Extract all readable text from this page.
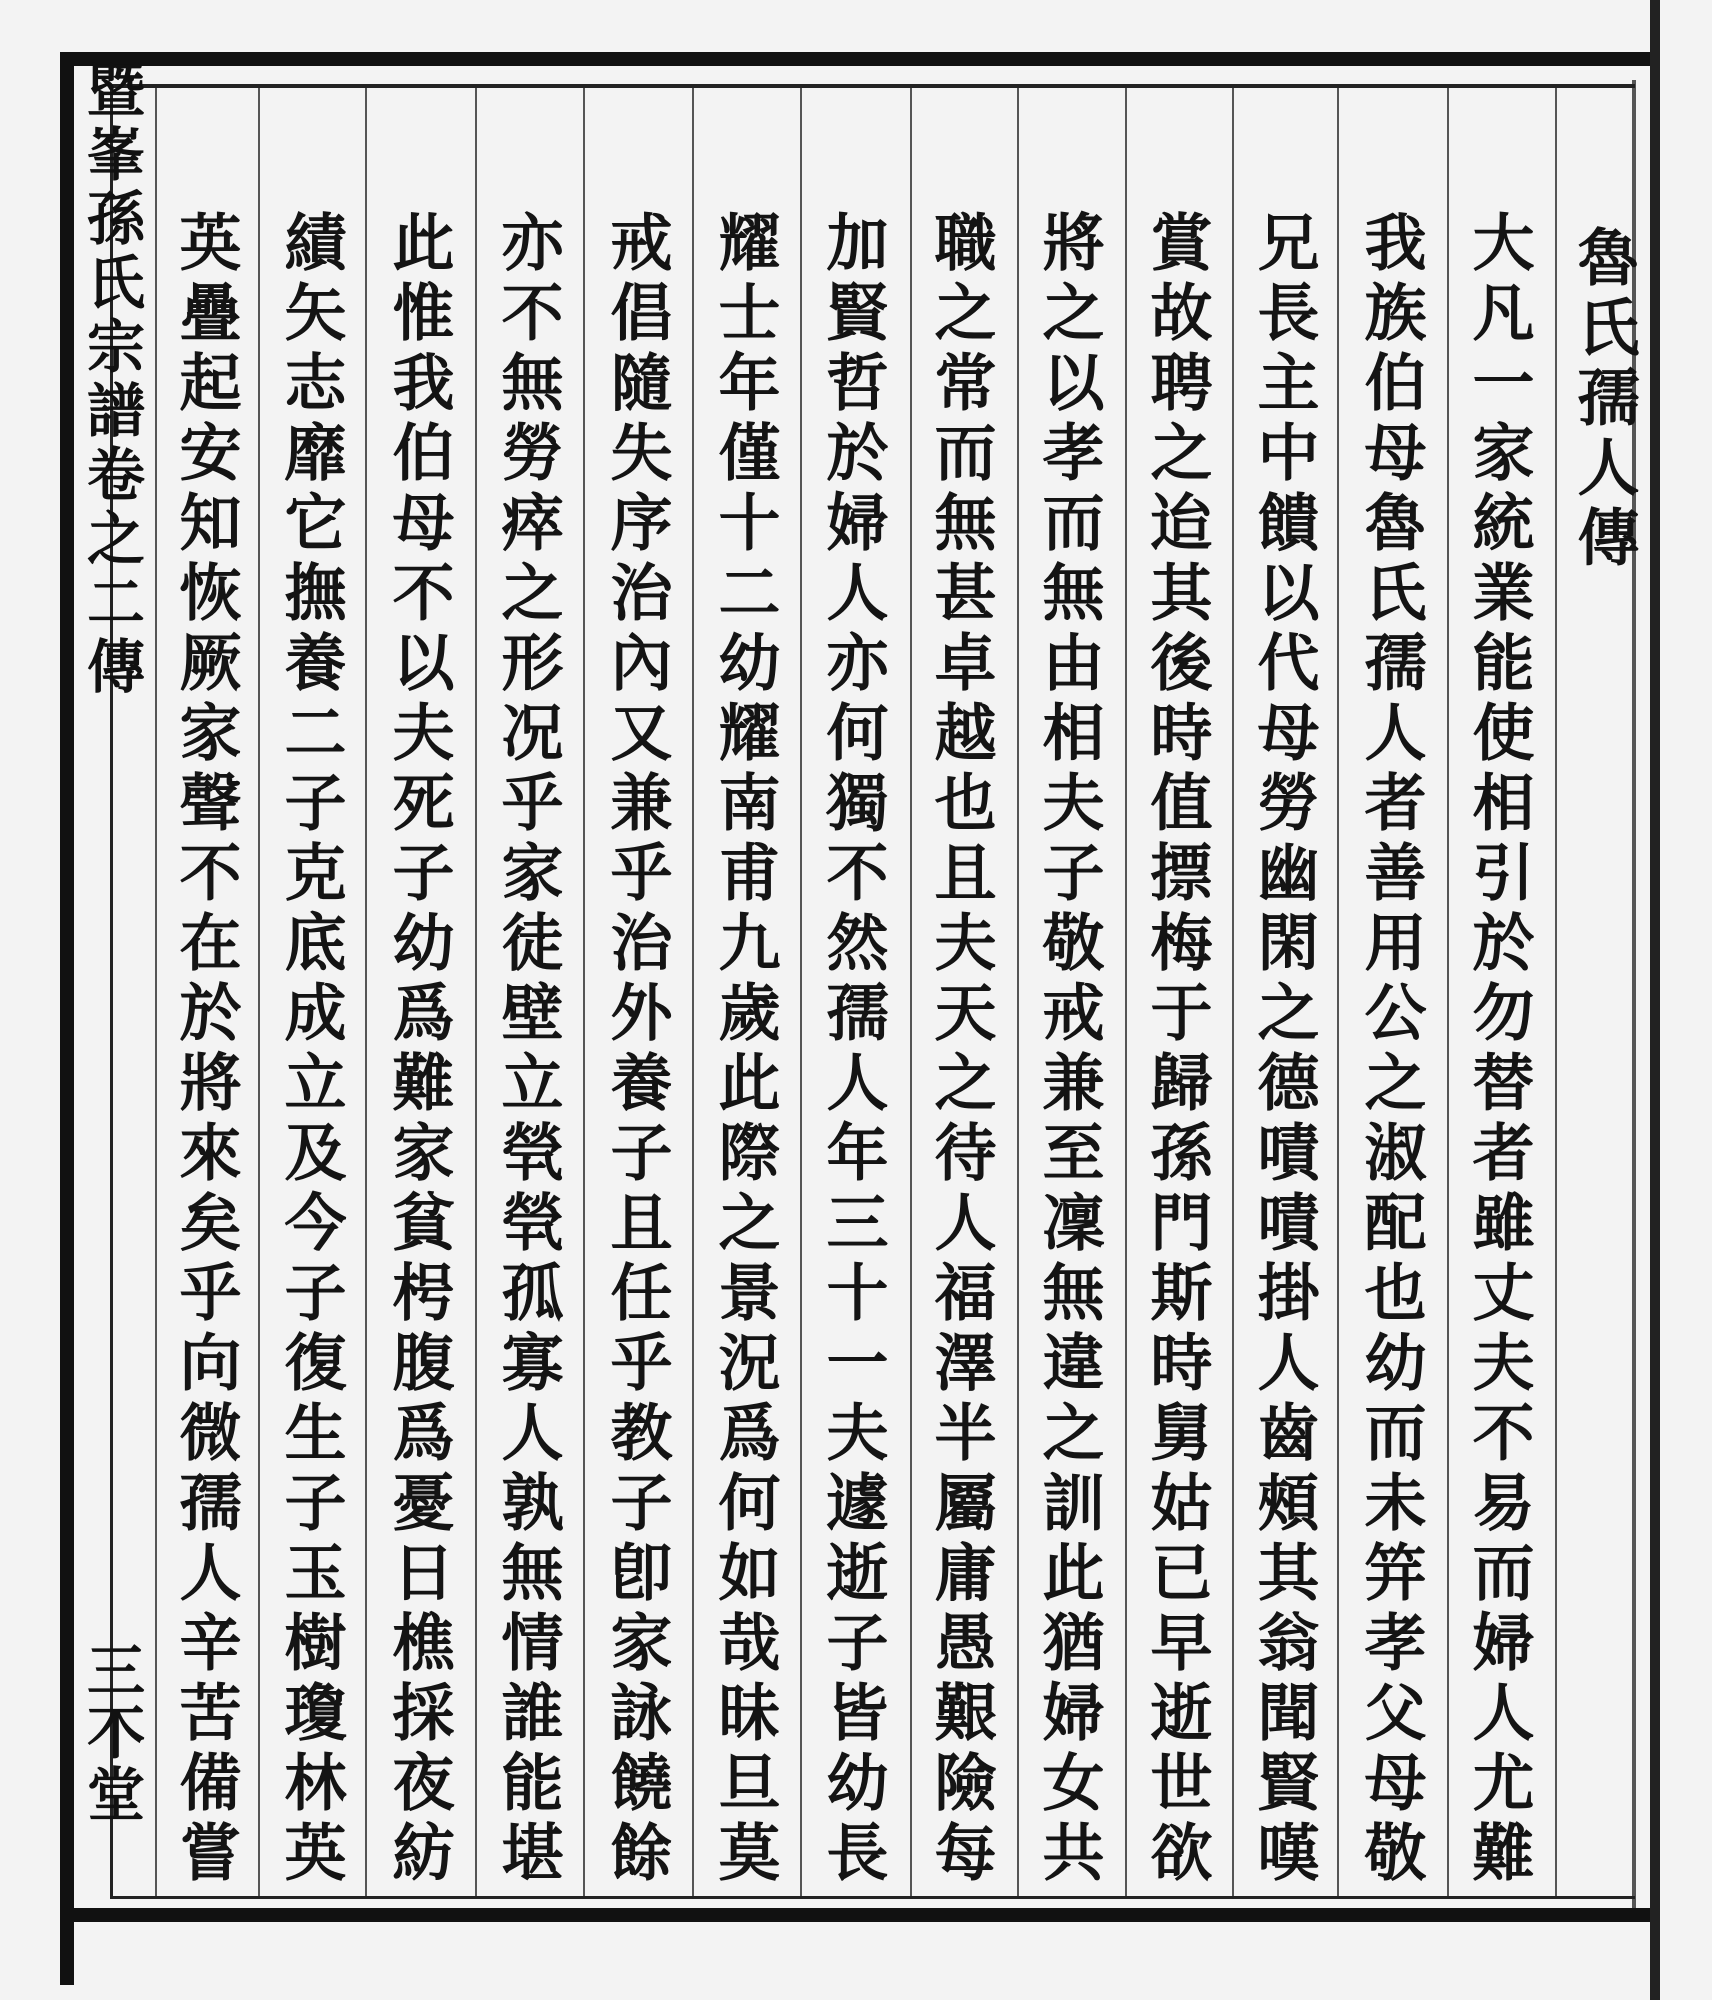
暨峯孫氏宗譜卷之二傳
三𣎴堂
魯氏孺人傳
大凡一家統業能使相引於勿替者雖丈夫不易而婦人尤難
我族伯母魯氏孺人者善用公之淑配也幼而未笄孝父母敬
兄長主中饋以代母勞幽閑之德嘖嘖掛人齒頰其翁聞賢嘆
賞故聘之迨其後時值摽梅于歸孫門斯時舅姑已早逝世欲
將之以孝而無由相夫子敬戒兼至凜無違之訓此猶婦女共
職之常而無甚卓越也且夫天之待人福澤半屬庸愚艱險每
加賢哲於婦人亦何獨不然孺人年三十一夫遽逝子皆幼長
耀士年僅十二幼耀南甫九歲此際之景況爲何如哉昧旦莫
戒倡隨失序治內又兼乎治外養子且任乎教子卽家詠饒餘
亦不無勞瘁之形况乎家徒壁立煢煢孤寡人孰無情誰能堪
此惟我伯母不以夫死子幼爲難家貧枵腹爲憂日樵採夜紡
績矢志靡它撫養二子克底成立及今子復生子玉樹瓊林英
英疊起安知恢厥家聲不在於將來矣乎向微孺人辛苦備嘗
